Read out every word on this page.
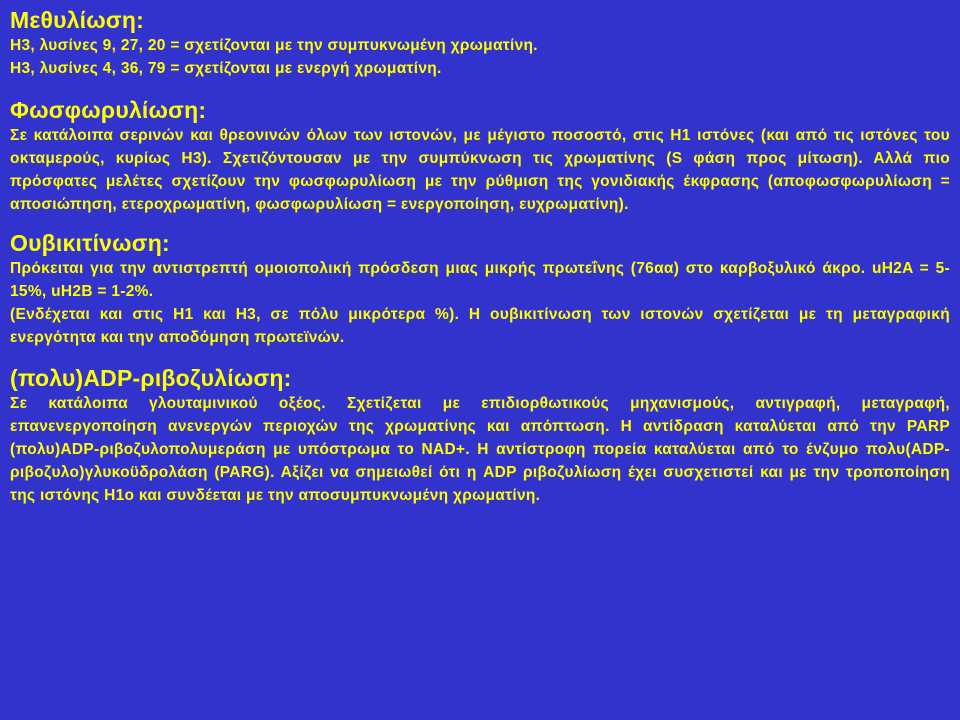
Μεθυλίωση:

Η3, λυσίνες 9, 27, 20 = σχετίζονται με την συμπυκνωμένη χρωματίνη.

Η3, λυσίνες 4, 36, 79 = σχετίζονται με ενεργή χρωματίνη.

Φωσφωρυλίωση:

Σε κατάλοιπα σερινών και θρεονινών όλων των ιστονών, με μέγιστο ποσοστό, στις Η1 ιστόνες (και από τις ιστόνες του οκταμερούς, κυρίως Η3). Σχετιζόντουσαν με την συμπύκνωση τις χρωματίνης (S φάση προς μίτωση). Αλλά πιο πρόσφατες μελέτες σχετίζουν την φωσφωρυλίωση με την ρύθμιση της γονιδιακής έκφρασης (αποφωσφωρυλίωση = αποσιώπηση, ετεροχρωματίνη, φωσφωρυλίωση = ενεργοποίηση, ευχρωματίνη).

Ουβικιτίνωση:

Πρόκειται για την αντιστρεπτή ομοιοπολική πρόσδεση μιας μικρής πρωτεΐνης (76αα) στο καρβοξυλικό άκρο. uH2A = 5-15%, uH2B = 1-2%.

(Ενδέχεται και στις Η1 και Η3, σε πόλυ μικρότερα %). Η ουβικιτίνωση των ιστονών σχετίζεται με τη μεταγραφική ενεργότητα και την αποδόμηση πρωτεϊνών.

(πολυ)ADP-ριβοζυλίωση:

Σε κατάλοιπα γλουταμινικού οξέος. Σχετίζεται με επιδιορθωτικούς μηχανισμούς, αντιγραφή, μεταγραφή, επανενεργοποίηση ανενεργών περιοχών της χρωματίνης και απόπτωση. Η αντίδραση καταλύεται από την PARP (πολυ)ADP-ριβοζυλοπολυμεράση με υπόστρωμα το NAD+. Η αντίστροφη πορεία καταλύεται από το ένζυμο πολυ(ADP-ριβοζυλο)γλυκοϋδρολάση (PARG). Αξίζει να σημειωθεί ότι η ADP ριβοζυλίωση έχει συσχετιστεί και με την τροποποίηση της ιστόνης Η1ο και συνδέεται με την αποσυμπυκνωμένη χρωματίνη.
